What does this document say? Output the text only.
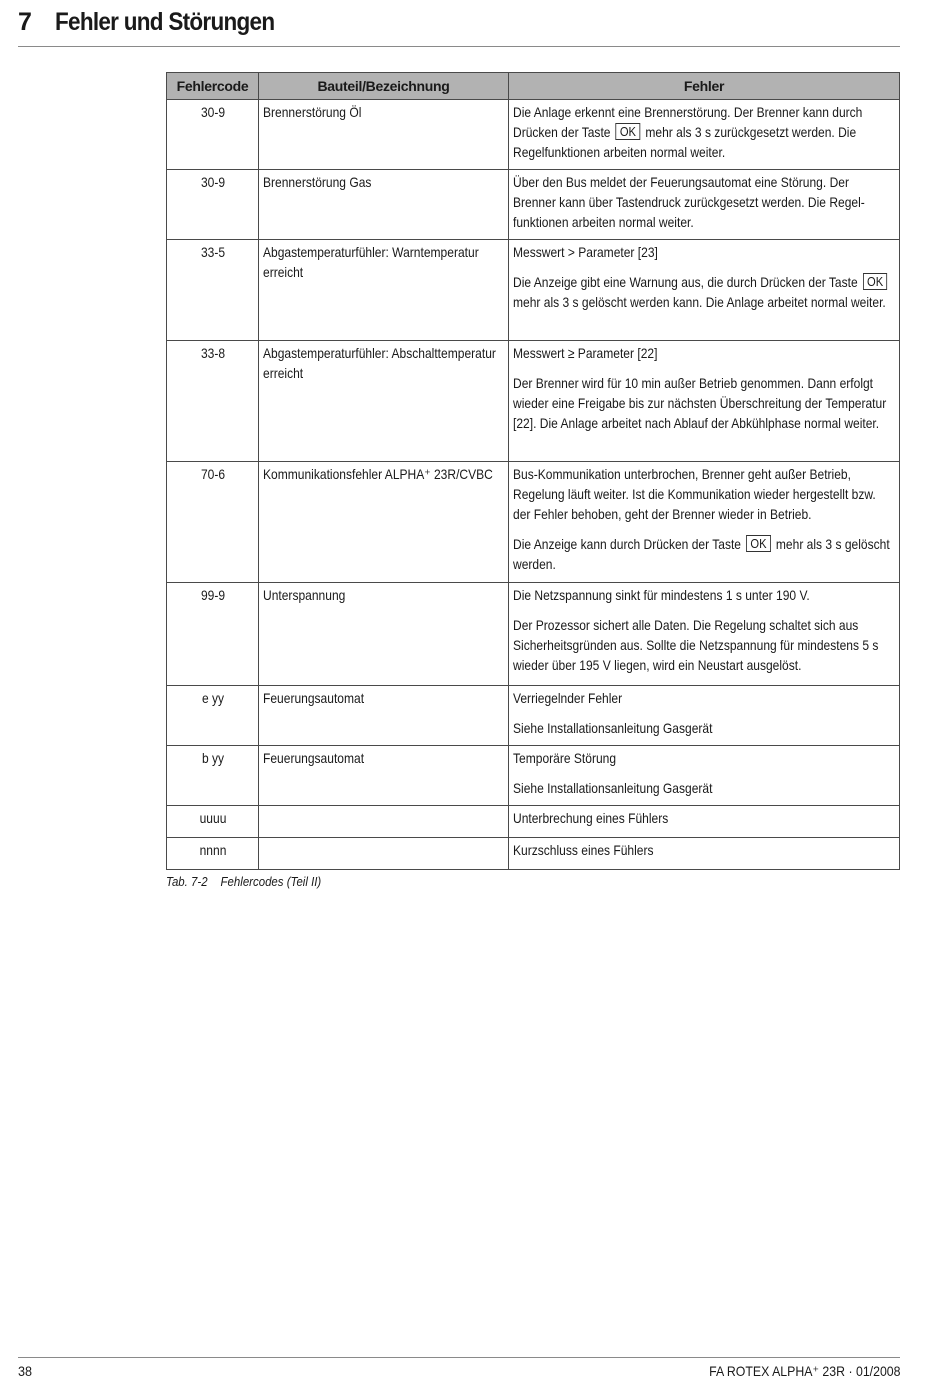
7 Fehler und Störungen
Fehlercode	Bauteil/Bezeichnung	Fehler

30-9	Brennerstörung Öl	Die Anlage erkennt eine Brennerstörung. Der Brenner kann durch Drücken der Taste OK mehr als 3 s zurückgesetzt werden. Die Regelfunktionen arbeiten normal weiter.

30-9	Brennerstörung Gas	Über den Bus meldet der Feuerungsautomat eine Störung. Der Brenner kann über Tastendruck zurückgesetzt werden. Die Regelfunktionen arbeiten normal weiter.

33-5	Abgastemperaturfühler: Warntemperatur erreicht	Messwert > Parameter [23]

Die Anzeige gibt eine Warnung aus, die durch Drücken der Taste OK mehr als 3 s gelöscht werden kann. Die Anlage arbeitet normal weiter.

33-8	Abgastemperaturfühler: Abschalttemperatur erreicht	Messwert ≥ Parameter [22]

Der Brenner wird für 10 min außer Betrieb genommen. Dann erfolgt wieder eine Freigabe bis zur nächsten Überschreitung der Temperatur [22]. Die Anlage arbeitet nach Ablauf der Abkühlphase normal weiter.

70-6	Kommunikationsfehler ALPHA⁺ 23R/CVBC	Bus-Kommunikation unterbrochen, Brenner geht außer Betrieb, Regelung läuft weiter. Ist die Kommunikation wieder hergestellt bzw. der Fehler behoben, geht der Brenner wieder in Betrieb.

Die Anzeige kann durch Drücken der Taste OK mehr als 3 s gelöscht werden.

99-9	Unterspannung	Die Netzspannung sinkt für mindestens 1 s unter 190 V.

Der Prozessor sichert alle Daten. Die Regelung schaltet sich aus Sicherheitsgründen aus. Sollte die Netzspannung für mindestens 5 s wieder über 195 V liegen, wird ein Neustart ausgelöst.

e yy	Feuerungsautomat	Verriegelnder Fehler

Siehe Installationsanleitung Gasgerät

b yy	Feuerungsautomat	Temporäre Störung

Siehe Installationsanleitung Gasgerät

uuuu		Unterbrechung eines Fühlers

nnnn		Kurzschluss eines Fühlers

Tab. 7-2 Fehlercodes (Teil II)
38	FA ROTEX ALPHA⁺ 23R · 01/2008
